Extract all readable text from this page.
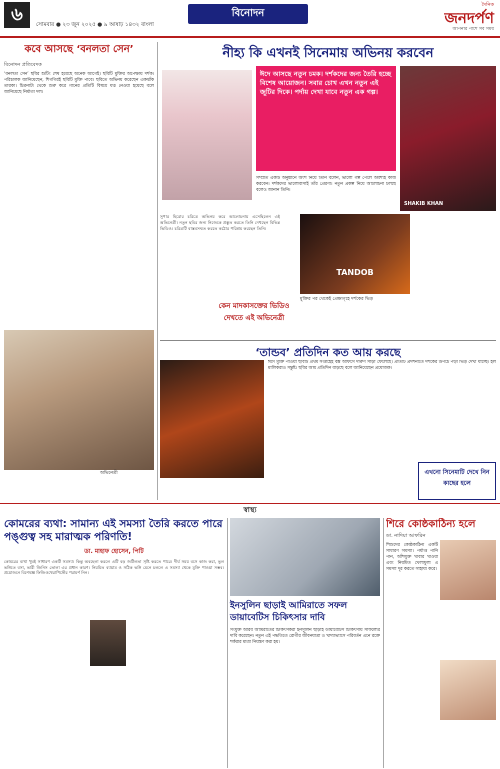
৬	সোমবার ● ২৩ জুন ২০২৫ ● ৯ আষাঢ় ১৪৩২ বাংলা
বিনোদন
দৈনিক
জনদর্পণ
আপনার পাশে সব সময়
কবে আসছে ‘বনলতা সেন’
বিনোদন প্রতিবেদক
‘বনলতা সেন’ ছবির শুটিং শেষ হয়েছে অনেক আগেই। ছবিটি মুক্তির অপেক্ষায় দর্শক। পরিচালক জানিয়েছেন, শিগগিরই ছবিটি মুক্তি পাবে। ছবিতে অভিনয় করেছেন একঝাঁক তারকা। চিত্রনাট্য থেকে শুরু করে গানের প্রতিটি বিষয়ে যত্ন নেওয়া হয়েছে বলে জানিয়েছে নির্মাতা দল।
অভিনেত্রী
নীহ্য কি এখনই সিনেমায় অভিনয় করবেন
ঈদে আসছে নতুন চমক। দর্শকদের জন্য তৈরি হচ্ছে বিশেষ আয়োজন। সবার চোখ এখন নতুন এই জুটির দিকে। পর্দায় দেখা যাবে নতুন এক গল্প।
SHAKIB KHAN
সম্প্রতি একটি অনুষ্ঠানে অংশ নিয়ে তিনি বলেন, ভালো গল্প পেলে অবশ্যই কাজ করবেন। দর্শকদের ভালোবাসাই তাঁর প্রেরণা। নতুন প্রকল্প নিয়ে আলোচনা চলছে বলেও জানান তিনি।
সুপার হিরোর চরিত্রে অভিনয় করে আলোচনায় এসেছিলেন এই অভিনেত্রী। নতুন ছবির জন্য নিজেকে প্রস্তুত করতে তিনি দেখছেন বিভিন্ন ভিডিও। চরিত্রটি বাস্তবসম্মত করতে কঠোর পরিশ্রম করছেন তিনি।
কেন মাদকাসক্তের ভিডিও দেখতে এই অভিনেত্রী
TANDOB
মুক্তির পর থেকেই প্রেক্ষাগৃহে দর্শকের ভিড়
‘তান্ডব’ প্রতিদিন কত আয় করছে
ঈদে মুক্তি পাওয়া ছবিটি প্রথম সপ্তাহেই বক্স অফিসে দারুণ সাড়া ফেলেছে। প্রতিটি প্রদর্শনীতে দর্শকের উপচে পড়া ভিড় দেখা যাচ্ছে। হল মালিকরাও সন্তুষ্ট। ছবির আয় প্রতিদিন বাড়ছে বলে জানিয়েছেন প্রযোজক।
এখনো সিনেমাটি দেখে নিন কাছের হলে
স্বাস্থ্য
কোমরের ব্যথা: সামান্য এই সমস্যা তৈরি করতে পারে পঙ্গুত্ব সহ মারাত্মক পরিণতি!
ডা. মাহাফ হোসেন, পিটি
কোমরের ব্যথা খুবই সাধারণ একটি সমস্যা। কিন্তু অবহেলা করলে এটি বড় জটিলতা সৃষ্টি করতে পারে। দীর্ঘ সময় বসে কাজ করা, ভুল ভঙ্গিতে বসা, ভারী জিনিস তোলা এর প্রধান কারণ। নিয়মিত ব্যায়াম ও সঠিক ভঙ্গি মেনে চললে এ সমস্যা থেকে মুক্তি পাওয়া সম্ভব। প্রয়োজনে বিশেষজ্ঞ ফিজিওথেরাপিস্টের পরামর্শ নিন।
ইনসুলিন ছাড়াই আমিরাতে সফল ডায়াবেটিস চিকিৎসার দাবি
সংযুক্ত আরব আমিরাতের চিকিৎসকরা ইনসুলিন ছাড়াই ডায়াবেটিস চিকিৎসায় সাফল্যের দাবি করেছেন। নতুন এই পদ্ধতিতে রোগীর জীবনযাত্রা ও খাদ্যাভ্যাসে পরিবর্তন এনে রক্তে শর্করার মাত্রা নিয়ন্ত্রণ করা হয়।
শিরে কোষ্ঠকাঠিন্য হলে
ডা. নাদিয়া আফরিন
শিশুদের কোষ্ঠকাঠিন্য একটি সাধারণ সমস্যা। পর্যাপ্ত পানি পান, আঁশযুক্ত খাবার খাওয়া এবং নিয়মিত খেলাধুলা এ সমস্যা দূর করতে সাহায্য করে।
